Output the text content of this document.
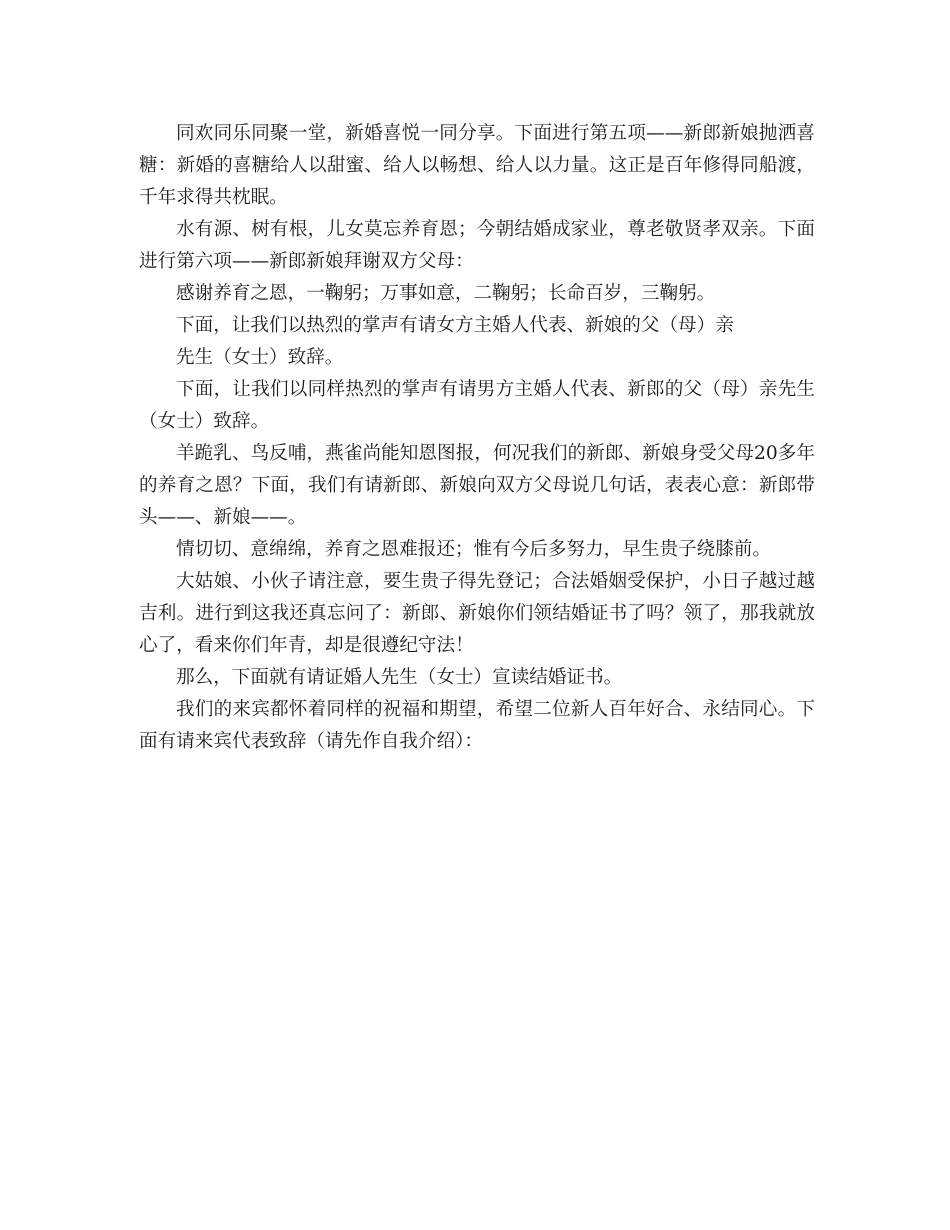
同欢同乐同聚一堂，新婚喜悦一同分享。下面进行第五项——新郎新娘抛洒喜糖：新婚的喜糖给人以甜蜜、给人以畅想、给人以力量。这正是百年修得同船渡，千年求得共枕眠。

水有源、树有根，儿女莫忘养育恩；今朝结婚成家业，尊老敬贤孝双亲。下面进行第六项——新郎新娘拜谢双方父母：

感谢养育之恩，一鞠躬；万事如意，二鞠躬；长命百岁，三鞠躬。

下面，让我们以热烈的掌声有请女方主婚人代表、新娘的父（母）亲

先生（女士）致辞。

下面，让我们以同样热烈的掌声有请男方主婚人代表、新郎的父（母）亲先生（女士）致辞。

羊跪乳、鸟反哺，燕雀尚能知恩图报，何况我们的新郎、新娘身受父母20多年的养育之恩？下面，我们有请新郎、新娘向双方父母说几句话，表表心意：新郎带头——、新娘——。

情切切、意绵绵，养育之恩难报还；惟有今后多努力，早生贵子绕膝前。

大姑娘、小伙子请注意，要生贵子得先登记；合法婚姻受保护，小日子越过越吉利。进行到这我还真忘问了：新郎、新娘你们领结婚证书了吗？领了，那我就放心了，看来你们年青，却是很遵纪守法！

那么，下面就有请证婚人先生（女士）宣读结婚证书。

我们的来宾都怀着同样的祝福和期望，希望二位新人百年好合、永结同心。下面有请来宾代表致辞（请先作自我介绍）：
